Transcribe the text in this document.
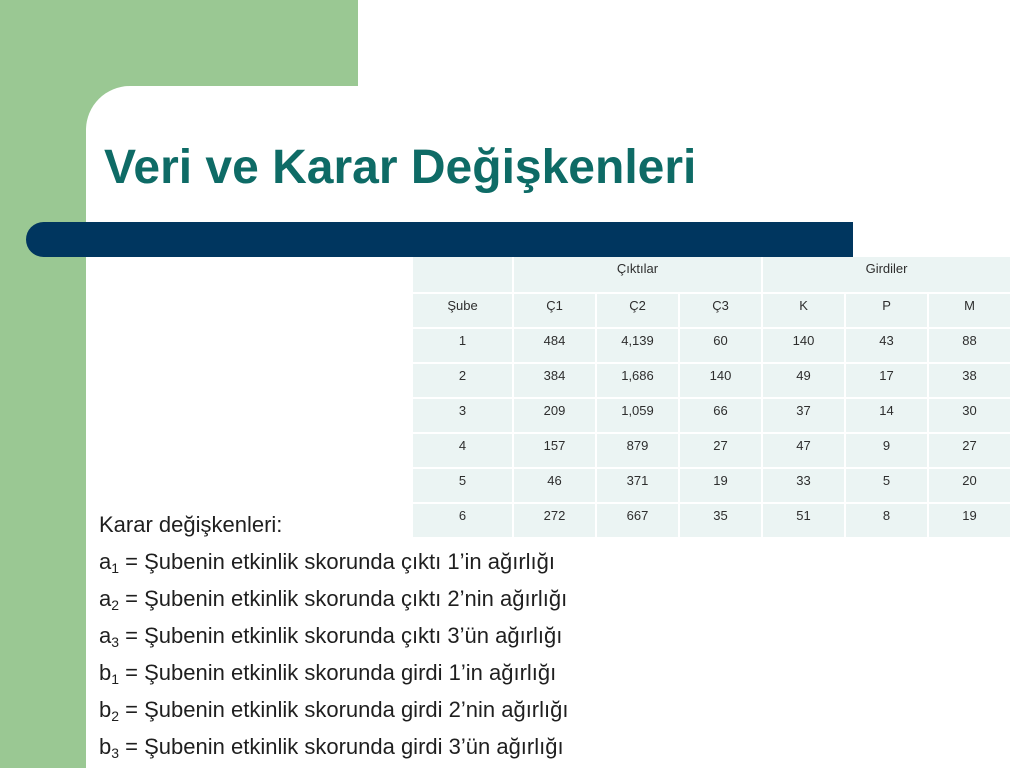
Veri ve Karar Değişkenleri
	Çıktılar			Girdiler		
Şube	Ç1	Ç2	Ç3	K	P	M
1	484	4,139	60	140	43	88
2	384	1,686	140	49	17	38
3	209	1,059	66	37	14	30
4	157	879	27	47	9	27
5	46	371	19	33	5	20
6	272	667	35	51	8	19
Karar değişkenleri:
$a_1$ = Şubenin etkinlik skorunda çıktı 1’in ağırlığı
$a_2$ = Şubenin etkinlik skorunda çıktı 2’nin ağırlığı
$a_3$ = Şubenin etkinlik skorunda çıktı 3’ün ağırlığı
$b_1$ = Şubenin etkinlik skorunda girdi 1’in ağırlığı
$b_2$ = Şubenin etkinlik skorunda girdi 2’nin ağırlığı
$b_3$ = Şubenin etkinlik skorunda girdi 3’ün ağırlığı
